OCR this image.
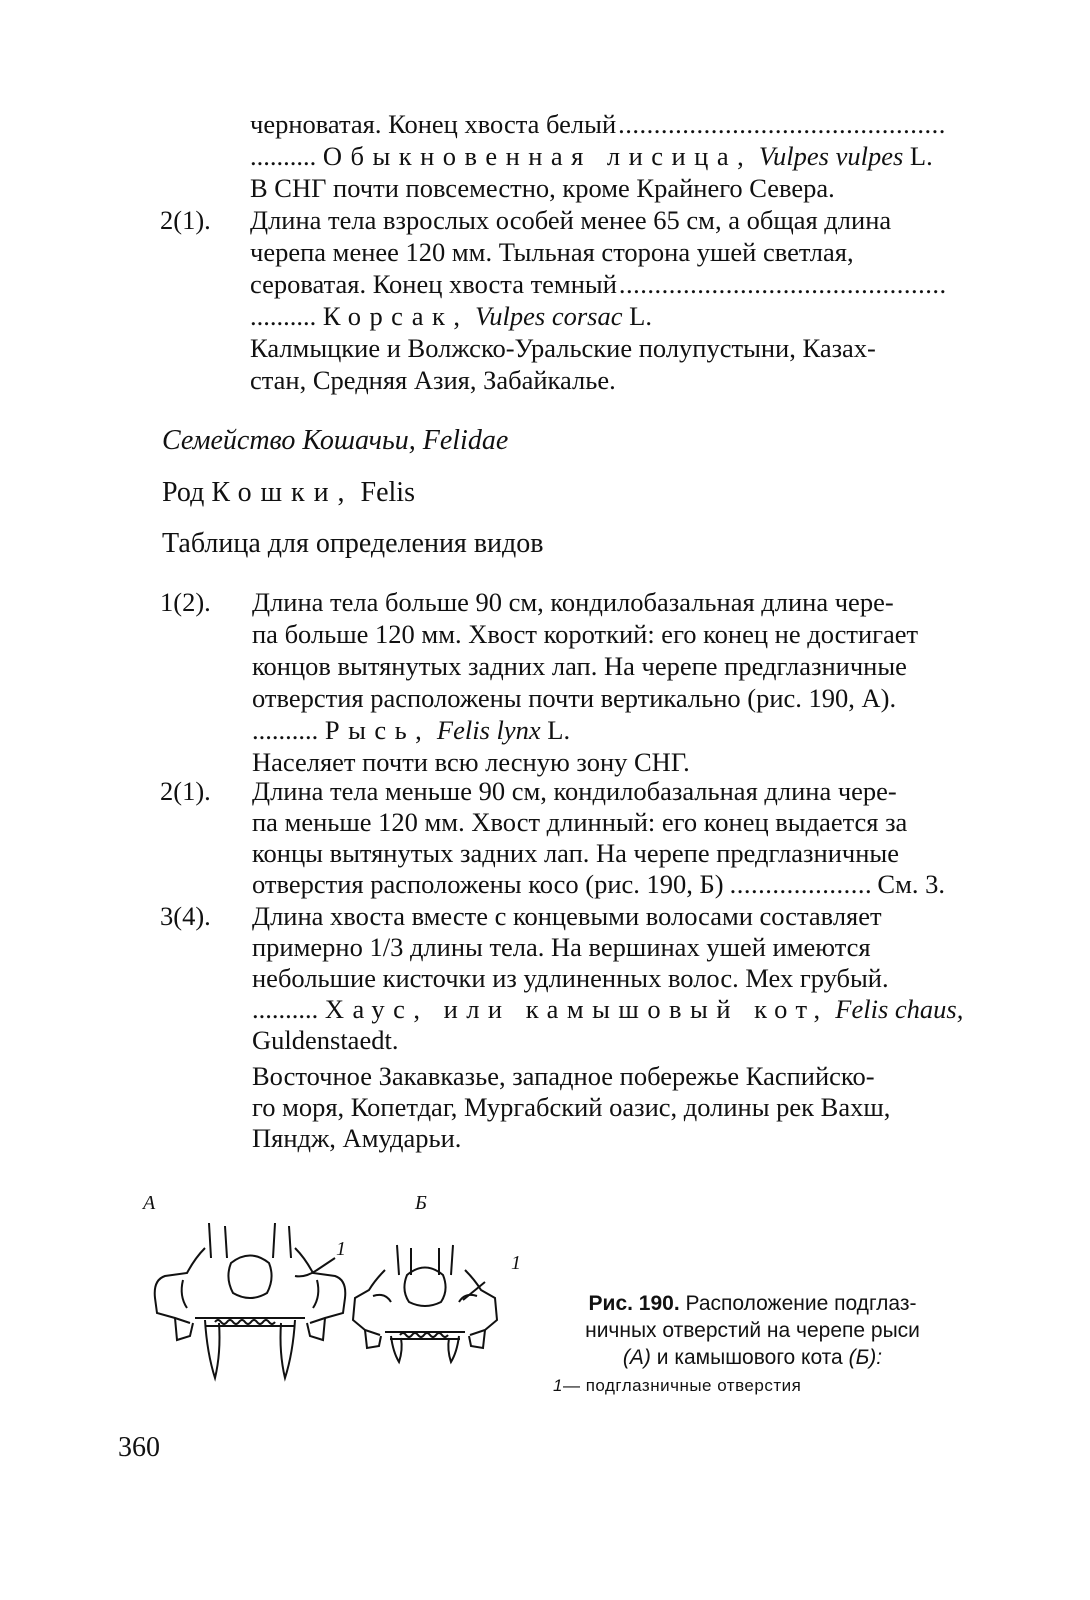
черноватая. Конец хвоста белый
.....
.......... Обыкновенная лисица, Vulpes vulpes L.
В СНГ почти повсеместно, кроме Крайнего Севера.
2(1). Длина тела взрослых особей менее 65 см, а общая длина
черепа менее 120 мм. Тыльная сторона ушей светлая,
сероватая. Конец хвоста темный
.....
.......... Корсак, Vulpes corsac L.
Калмыцкие и Волжско-Уральские полупустыни, Казах-
стан, Средняя Азия, Забайкалье.
Семейство Кошачьи, Felidae
Род Кошки, Felis
Таблица для определения видов
1(2). Длина тела больше 90 см, кондилобазальная длина чере-
па больше 120 мм. Хвост короткий: его конец не достигает
концов вытянутых задних лап. На черепе предглазничные
отверстия расположены почти вертикально (рис. 190, А).
.......... Рысь, Felis lynx L.
Населяет почти всю лесную зону СНГ.
2(1). Длина тела меньше 90 см, кондилобазальная длина чере-
па меньше 120 мм. Хвост длинный: его конец выдается за
концы вытянутых задних лап. На черепе предглазничные
отверстия расположены косо (рис. 190, Б)
.....	См. 3.
3(4). Длина хвоста вместе с концевыми волосами составляет
примерно 1/3 длины тела. На вершинах ушей имеются
небольшие кисточки из удлиненных волос. Мех грубый.
.......... Хаус, или камышовый кот, Felis chaus,
Guldenstaedt.
Восточное Закавказье, западное побережье Каспийско-
го моря, Копетдаг, Мургабский оазис, долины рек Вахш,
Пяндж, Амударьи.
А	Б
1
1
Рис. 190. Расположение подглаз-
ничных отверстий на черепе рыси
(А) и камышового кота (Б):
1— подглазничные отверстия
360
